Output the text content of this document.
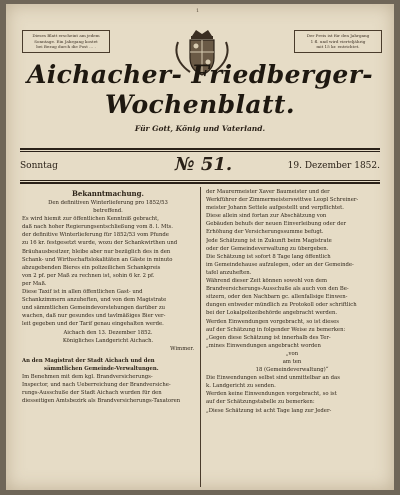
1
Dieses Blatt erscheint am jedem
Sonntage. Ein Jahrgang kostet
bei Bezug durch die Post ... .
Der Preis ist für den Jahrgang
1 fl. und wird vierteljährig
mit 15 kr. entrichtet.
Aichacher- Friedberger-
Wochenblatt.
Für Gott, König und Vaterland.
Sonntag	№ 51.	19. Dezember 1852.

Bekanntmachung.

Den definitiven Winterlieferung pro 1852/53

betreffend.

Es wird hiemit zur öffentlichen Kenntniß gebracht,

daß nach hoher Regierungsentschließung vom 8. l. Mts.

der definitive Winterlieferung für 1852/53 vom Pfunde

zu 16 kr. festgesetzt wurde, wozu der Schankwirthen und

Bräuhausbesitzer, bleibe aber nur bezüglich des in den

Schank- und Wirthschaftslokalitäten an Gäste in minuto

abzugebenden Bieres ein polizeilichen Schankpreis

von 2 pf. per Maß zu rechnen ist, sohin 6 kr. 2 pf.

per Maß.

Diese Taxif ist in allen öffentlichen Gast- und

Schankzimmern anzuheften, und von dem Magistrate

und sämmtlichen Gemeindevorstehungen darüber zu

wachen, daß nur gesundes und tavlmäßiges Bier ver-

leit gegeben und der Tarif genau eingehalten werde.

Aichach den 13. Dezember 1852.

Königliches Landgericht Aichach.

Wimmer.

An den Magistrat der Stadt Aichach und den

sämmtlichen Gemeinde-Verwaltungen.

Im Benehmen mit dem kgl. Brandversicherungs-

Inspector, und nach Ueberreichung der Brandversiche-

rungs-Ausschuße der Stadt Aichach wurden für den

diesseitigen Amtsbezirk als Brandversicherungs-Taxatoren

der Maurermeister Xaver Baumeister und der

Werkführer der Zimmermeisterswittwe Leopl Schreiner-

meister Johann Settele aufgestellt und verpflichtet.

Diese allein sind fortan zur Abschätzung von

Gebäuden behufs der neuen Einverleibung oder der

Erhöhung der Versicherungssumme befugt.

Jede Schätzung ist in Zukunft beim Magistrate

oder der Gemeindeverwaltung zu übergeben.

Die Schätzung ist sofort 8 Tage lang öffentlich

im Gemeindehause aufzulegen, oder an der Gemeinde-

tafel anzuheften.

Während dieser Zeit können sowohl von dem

Brandversicherungs-Ausschuße als auch von den Be-

sitzern, oder den Nachbarn gc. allenfallsige Einwen-

dungen entweder mündlich zu Protokoll oder schriftlich

bei der Lokalpolizeibehörde angebracht werden.

Werden Einwendungen vorgebracht, so ist dieses

auf der Schätzung in folgender Weise zu bemerken:

„Gegen diese Schätzung ist innerhalb des Ter-

„mines Einwendungen angebracht worden

„von

am ten

18 (Gemeindeverwaltung)“

Die Einwendungen selbst sind unmittelbar an das

k. Landgericht zu senden.

Werden keine Einwendungen vorgebracht, so ist

auf der Schätzungstabelle zu bemerken:

„Diese Schätzung ist acht Tage lang zur Jeder-
